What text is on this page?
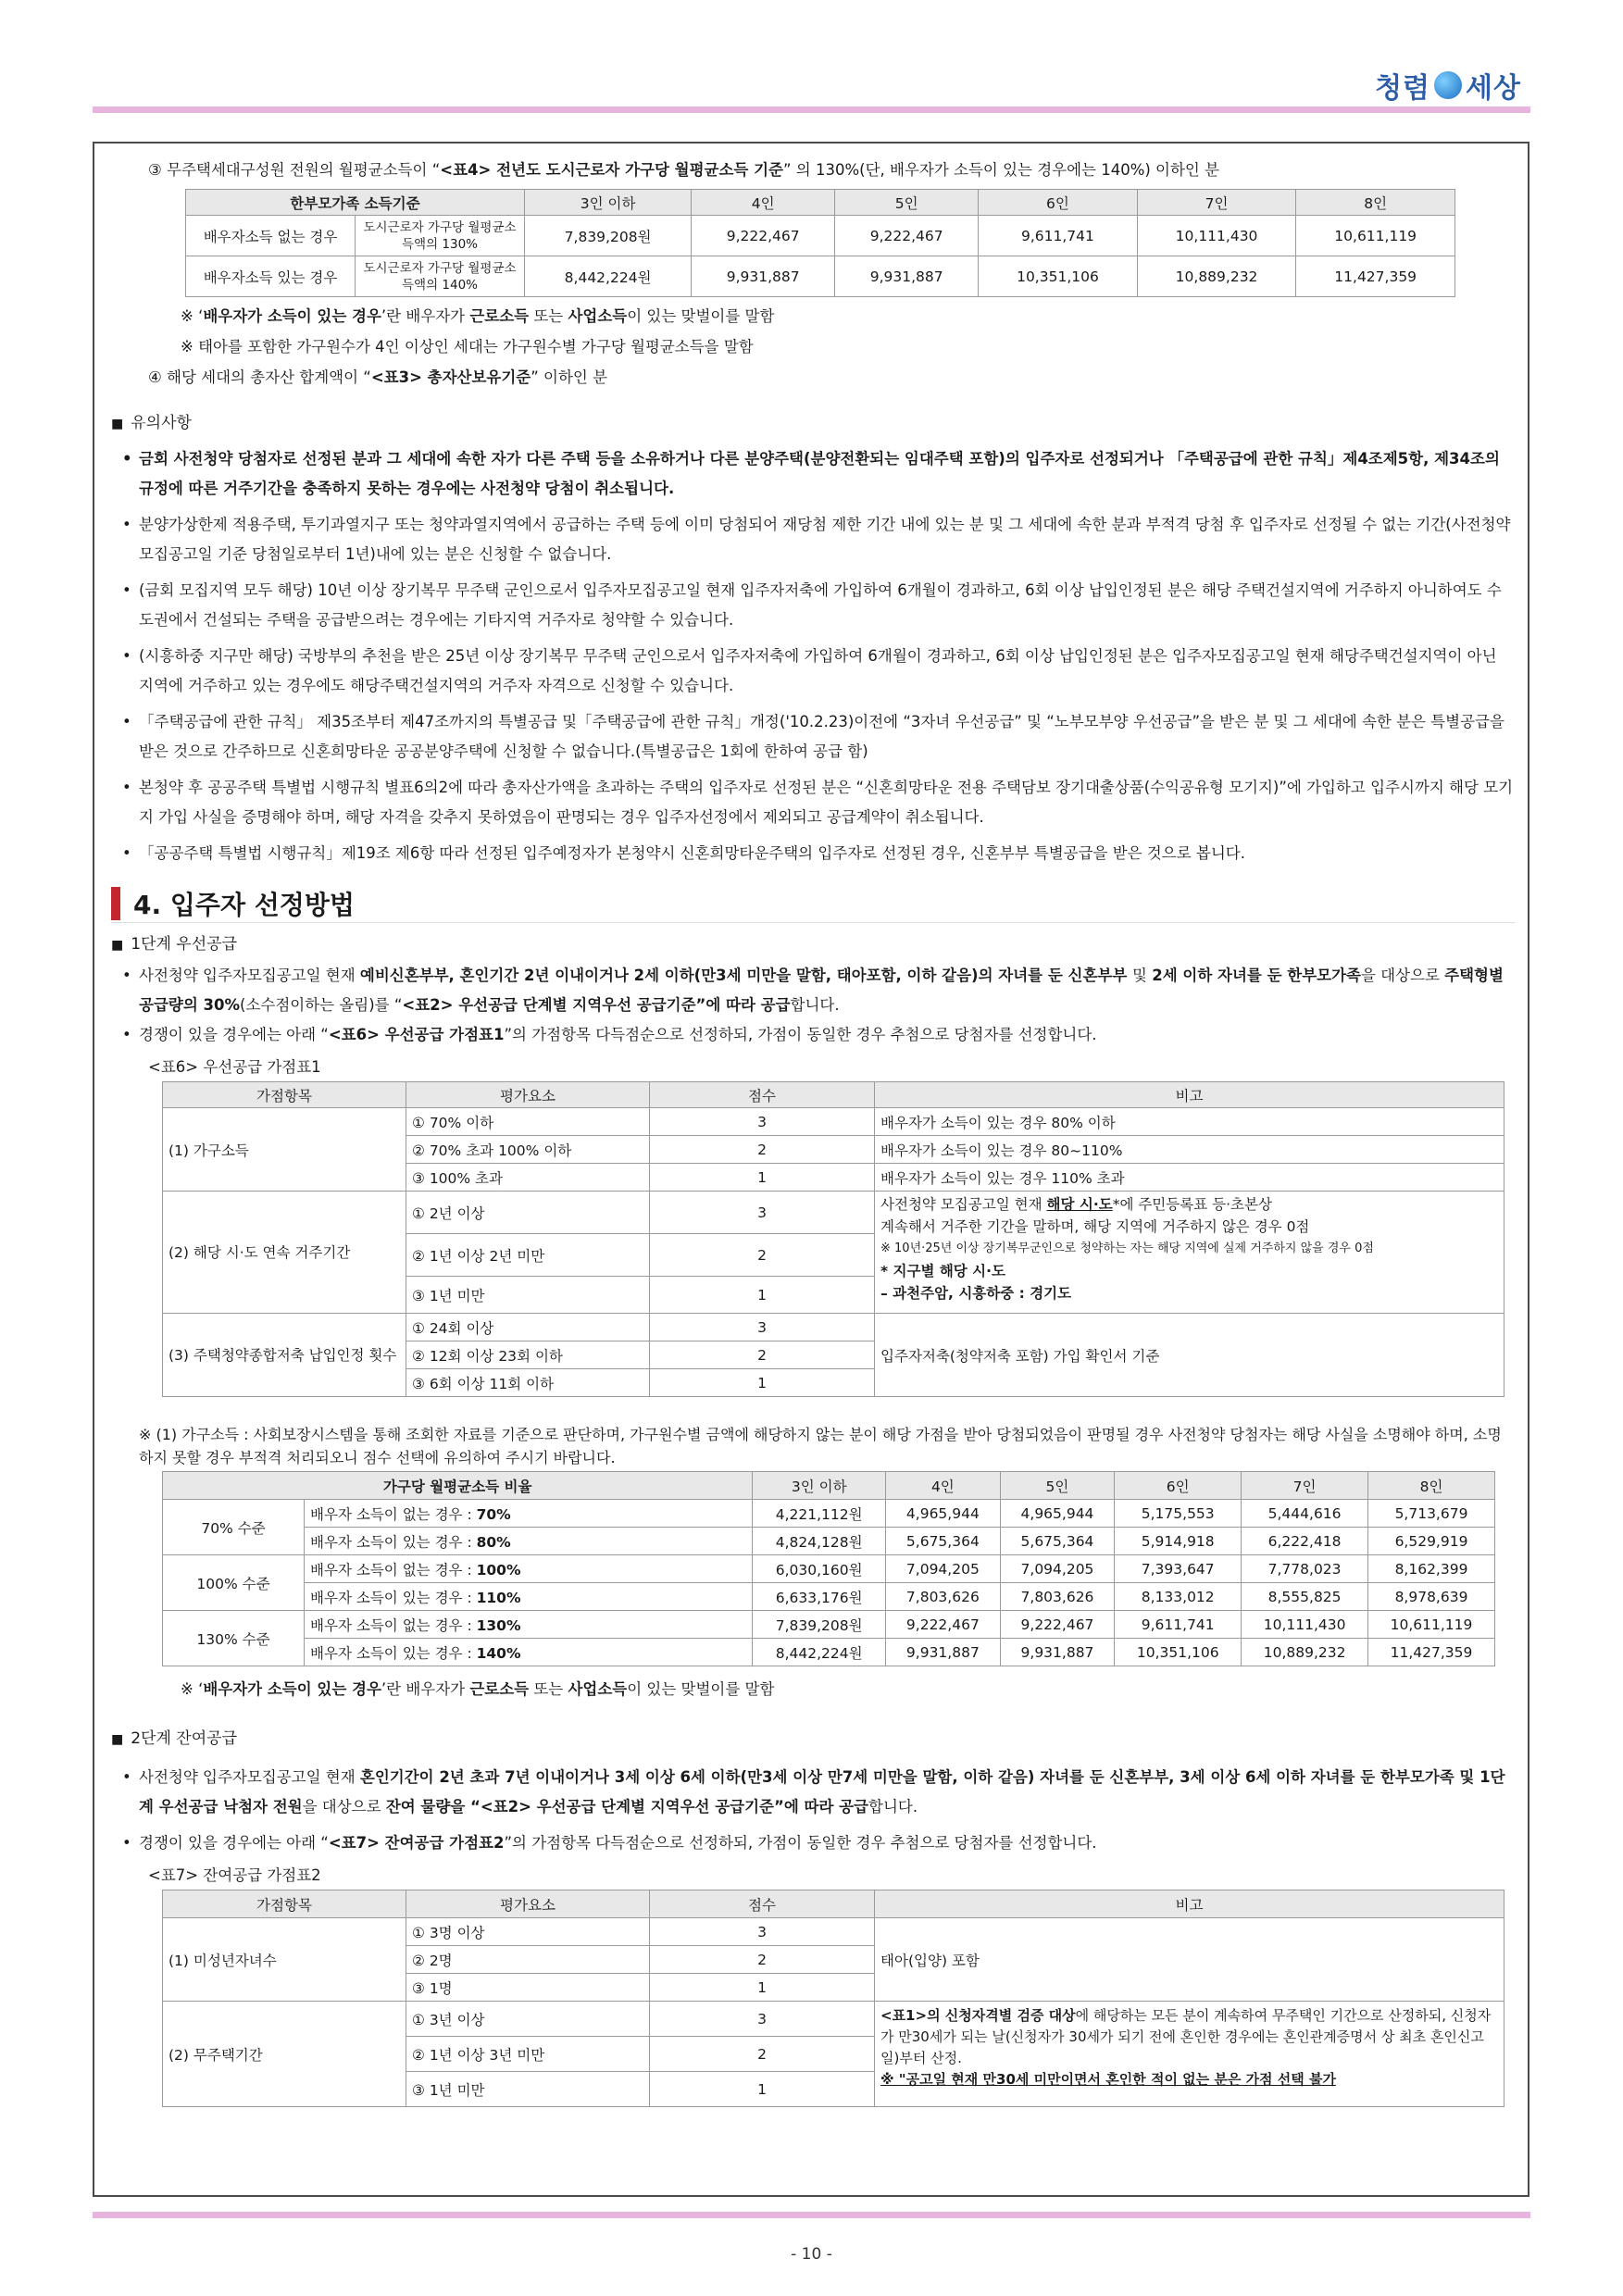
청렴 세상

③ 무주택세대구성원 전원의 월평균소득이 “<표4> 전년도 도시근로자 가구당 월평균소득 기준” 의 130%(단, 배우자가 소득이 있는 경우에는 140%) 이하인 분

한부모가족 소득기준		3인 이하	4인	5인	6인	7인	8인
배우자소득 없는 경우	도시근로자 가구당 월평균소득액의 130%	7,839,208원	9,222,467	9,222,467	9,611,741	10,111,430	10,611,119
배우자소득 있는 경우	도시근로자 가구당 월평균소득액의 140%	8,442,224원	9,931,887	9,931,887	10,351,106	10,889,232	11,427,359

※ ‘배우자가 소득이 있는 경우’란 배우자가 근로소득 또는 사업소득이 있는 맞벌이를 말함

※ 태아를 포함한 가구원수가 4인 이상인 세대는 가구원수별 가구당 월평균소득을 말함

④ 해당 세대의 총자산 합계액이 “<표3> 총자산보유기준” 이하인 분

■ 유의사항

• 금회 사전청약 당첨자로 선정된 분과 그 세대에 속한 자가 다른 주택 등을 소유하거나 다른 분양주택(분양전환되는 임대주택 포함)의 입주자로 선정되거나 「주택공급에 관한 규칙」제4조제5항, 제34조의 규정에 따른 거주기간을 충족하지 못하는 경우에는 사전청약 당첨이 취소됩니다.

• 분양가상한제 적용주택, 투기과열지구 또는 청약과열지역에서 공급하는 주택 등에 이미 당첨되어 재당첨 제한 기간 내에 있는 분 및 그 세대에 속한 분과 부적격 당첨 후 입주자로 선정될 수 없는 기간(사전청약 모집공고일 기준 당첨일로부터 1년)내에 있는 분은 신청할 수 없습니다.

• (금회 모집지역 모두 해당) 10년 이상 장기복무 무주택 군인으로서 입주자모집공고일 현재 입주자저축에 가입하여 6개월이 경과하고, 6회 이상 납입인정된 분은 해당 주택건설지역에 거주하지 아니하여도 수도권에서 건설되는 주택을 공급받으려는 경우에는 기타지역 거주자로 청약할 수 있습니다.

• (시흥하중 지구만 해당) 국방부의 추천을 받은 25년 이상 장기복무 무주택 군인으로서 입주자저축에 가입하여 6개월이 경과하고, 6회 이상 납입인정된 분은 입주자모집공고일 현재 해당주택건설지역이 아닌 지역에 거주하고 있는 경우에도 해당주택건설지역의 거주자 자격으로 신청할 수 있습니다.

• 「주택공급에 관한 규칙」 제35조부터 제47조까지의 특별공급 및「주택공급에 관한 규칙」개정('10.2.23)이전에 “3자녀 우선공급” 및 “노부모부양 우선공급”을 받은 분 및 그 세대에 속한 분은 특별공급을 받은 것으로 간주하므로 신혼희망타운 공공분양주택에 신청할 수 없습니다.(특별공급은 1회에 한하여 공급 함)

• 본청약 후 공공주택 특별법 시행규칙 별표6의2에 따라 총자산가액을 초과하는 주택의 입주자로 선정된 분은 “신혼희망타운 전용 주택담보 장기대출상품(수익공유형 모기지)”에 가입하고 입주시까지 해당 모기지 가입 사실을 증명해야 하며, 해당 자격을 갖추지 못하였음이 판명되는 경우 입주자선정에서 제외되고 공급계약이 취소됩니다.

• 「공공주택 특별법 시행규칙」제19조 제6항 따라 선정된 입주예정자가 본청약시 신혼희망타운주택의 입주자로 선정된 경우, 신혼부부 특별공급을 받은 것으로 봅니다.

4. 입주자 선정방법

■ 1단계 우선공급

• 사전청약 입주자모집공고일 현재 예비신혼부부, 혼인기간 2년 이내이거나 2세 이하(만3세 미만을 말함, 태아포함, 이하 같음)의 자녀를 둔 신혼부부 및 2세 이하 자녀를 둔 한부모가족을 대상으로 주택형별 공급량의 30%(소수점이하는 올림)를 “<표2> 우선공급 단계별 지역우선 공급기준”에 따라 공급합니다.

• 경쟁이 있을 경우에는 아래 “<표6> 우선공급 가점표1”의 가점항목 다득점순으로 선정하되, 가점이 동일한 경우 추첨으로 당첨자를 선정합니다.

<표6> 우선공급 가점표1

가점항목	평가요소	점수	비고
(1) 가구소득	① 70% 이하	3	배우자가 소득이 있는 경우 80% 이하
	② 70% 초과 100% 이하	2	배우자가 소득이 있는 경우 80~110%
	③ 100% 초과	1	배우자가 소득이 있는 경우 110% 초과
(2) 해당 시·도 연속 거주기간	① 2년 이상	3	사전청약 모집공고일 현재 해당 시·도*에 주민등록표 등·초본상
계속해서 거주한 기간을 말하며, 해당 지역에 거주하지 않은 경우 0점
※ 10년·25년 이상 장기복무군인으로 청약하는 자는 해당 지역에 실제 거주하지 않을 경우 0점
* 지구별 해당 시·도
– 과천주암, 시흥하중 : 경기도

	② 1년 이상 2년 미만	2	
	③ 1년 미만	1	
(3) 주택청약종합저축 납입인정 횟수	① 24회 이상	3	입주자저축(청약저축 포함) 가입 확인서 기준
	② 12회 이상 23회 이하	2	
	③ 6회 이상 11회 이하	1	

※ (1) 가구소득 : 사회보장시스템을 통해 조회한 자료를 기준으로 판단하며, 가구원수별 금액에 해당하지 않는 분이 해당 가점을 받아 당첨되었음이 판명될 경우 사전청약 당첨자는 해당 사실을 소명해야 하며, 소명하지 못할 경우 부적격 처리되오니 점수 선택에 유의하여 주시기 바랍니다.

가구당 월평균소득 비율		3인 이하	4인	5인	6인	7인	8인
70% 수준	배우자 소득이 없는 경우 : 70%	4,221,112원	4,965,944	4,965,944	5,175,553	5,444,616	5,713,679
	배우자 소득이 있는 경우 : 80%	4,824,128원	5,675,364	5,675,364	5,914,918	6,222,418	6,529,919
100% 수준	배우자 소득이 없는 경우 : 100%	6,030,160원	7,094,205	7,094,205	7,393,647	7,778,023	8,162,399
	배우자 소득이 있는 경우 : 110%	6,633,176원	7,803,626	7,803,626	8,133,012	8,555,825	8,978,639
130% 수준	배우자 소득이 없는 경우 : 130%	7,839,208원	9,222,467	9,222,467	9,611,741	10,111,430	10,611,119
	배우자 소득이 있는 경우 : 140%	8,442,224원	9,931,887	9,931,887	10,351,106	10,889,232	11,427,359

※ ‘배우자가 소득이 있는 경우’란 배우자가 근로소득 또는 사업소득이 있는 맞벌이를 말함

■ 2단계 잔여공급

• 사전청약 입주자모집공고일 현재 혼인기간이 2년 초과 7년 이내이거나 3세 이상 6세 이하(만3세 이상 만7세 미만을 말함, 이하 같음) 자녀를 둔 신혼부부, 3세 이상 6세 이하 자녀를 둔 한부모가족 및 1단계 우선공급 낙첨자 전원을 대상으로 잔여 물량을 “<표2> 우선공급 단계별 지역우선 공급기준”에 따라 공급합니다.

• 경쟁이 있을 경우에는 아래 “<표7> 잔여공급 가점표2”의 가점항목 다득점순으로 선정하되, 가점이 동일한 경우 추첨으로 당첨자를 선정합니다.

<표7> 잔여공급 가점표2

가점항목	평가요소	점수	비고
(1) 미성년자녀수	① 3명 이상	3	태아(입양) 포함
	② 2명	2	
	③ 1명	1	
(2) 무주택기간	① 3년 이상	3	<표1>의 신청자격별 검증 대상에 해당하는 모든 분이 계속하여 무주택인 기간으로 산정하되, 신청자가 만30세가 되는 날(신청자가 30세가 되기 전에 혼인한 경우에는 혼인관계증명서 상 최초 혼인신고일)부터 산정.
※ "공고일 현재 만30세 미만이면서 혼인한 적이 없는 분은 가점 선택 불가

	② 1년 이상 3년 미만	2	
	③ 1년 미만	1	
- 10 -
